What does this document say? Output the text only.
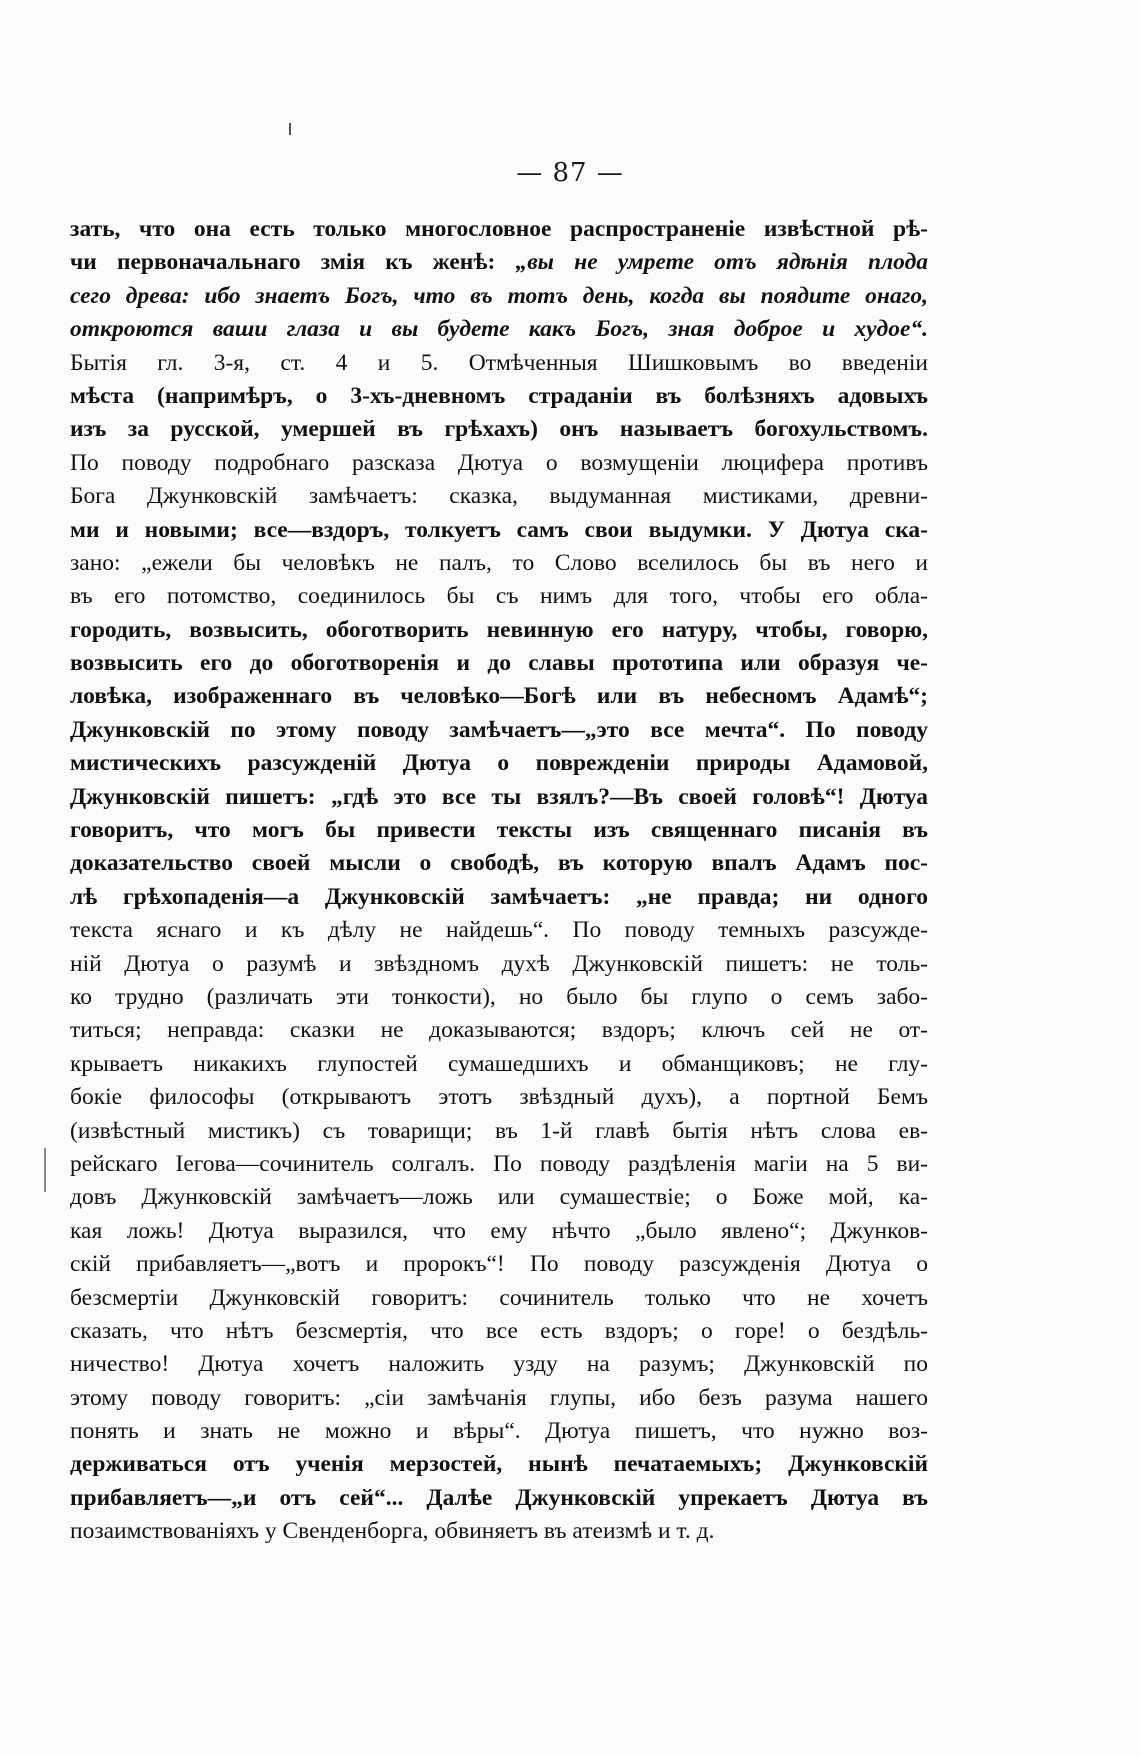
— 87 —
зать, что она есть только многословное распространеніе извѣстной рѣ-
чи первоначальнаго змія къ женѣ: „вы не умрете отъ ядѣнія плода
сего древа: ибо знаетъ Богъ, что въ тотъ день, когда вы поядите онаго,
откроются ваши глаза и вы будете какъ Богъ, зная доброе и худое“.
Бытія гл. 3-я, ст. 4 и 5. Отмѣченныя Шишковымъ во введеніи
мѣста (напримѣръ, о 3-хъ-дневномъ страданіи въ болѣзняхъ адовыхъ
изъ за русской, умершей въ грѣхахъ) онъ называетъ богохульствомъ.
По поводу подробнаго разсказа Дютуа о возмущеніи люцифера противъ
Бога Джунковскій замѣчаетъ: сказка, выдуманная мистиками, древни-
ми и новыми; все—вздоръ, толкуетъ самъ свои выдумки. У Дютуа ска-
зано: „ежели бы человѣкъ не палъ, то Слово вселилось бы въ него и
въ его потомство, соединилось бы съ нимъ для того, чтобы его обла-
городить, возвысить, обоготворить невинную его натуру, чтобы, говорю,
возвысить его до обоготворенія и до славы прототипа или образуя че-
ловѣка, изображеннаго въ человѣко—Богѣ или въ небесномъ Адамѣ“;
Джунковскій по этому поводу замѣчаетъ—„это все мечта“. По поводу
мистическихъ разсужденій Дютуа о поврежденіи природы Адамовой,
Джунковскій пишетъ: „гдѣ это все ты взялъ?—Въ своей головѣ“! Дютуа
говоритъ, что могъ бы привести тексты изъ священнаго писанія въ
доказательство своей мысли о свободѣ, въ которую впалъ Адамъ пос-
лѣ грѣхопаденія—а Джунковскій замѣчаетъ: „не правда; ни одного
текста яснаго и къ дѣлу не найдешь“. По поводу темныхъ разсужде-
ній Дютуа о разумѣ и звѣздномъ духѣ Джунковскій пишетъ: не толь-
ко трудно (различать эти тонкости), но было бы глупо о семъ забо-
титься; неправда: сказки не доказываются; вздоръ; ключъ сей не от-
крываетъ никакихъ глупостей сумашедшихъ и обманщиковъ; не глу-
бокіе философы (открываютъ этотъ звѣздный духъ), а портной Бемъ
(извѣстный мистикъ) съ товарищи; въ 1-й главѣ бытія нѣтъ слова ев-
рейскаго Іегова—сочинитель солгалъ. По поводу раздѣленія магіи на 5 ви-
довъ Джунковскій замѣчаетъ—ложь или сумашествіе; о Боже мой, ка-
кая ложь! Дютуа выразился, что ему нѣчто „было явлено“; Джунков-
скій прибавляетъ—„вотъ и пророкъ“! По поводу разсужденія Дютуа о
безсмертіи Джунковскій говоритъ: сочинитель только что не хочетъ
сказать, что нѣтъ безсмертія, что все есть вздоръ; о горе! о бездѣль-
ничество! Дютуа хочетъ наложить узду на разумъ; Джунковскій по
этому поводу говоритъ: „сіи замѣчанія глупы, ибо безъ разума нашего
понять и знать не можно и вѣры“. Дютуа пишетъ, что нужно воз-
держиваться отъ ученія мерзостей, нынѣ печатаемыхъ; Джунковскій
прибавляетъ—„и отъ сей“... Далѣе Джунковскій упрекаетъ Дютуа въ
позаимствованіяхъ у Свенденборга, обвиняетъ въ атеизмѣ и т. д.
